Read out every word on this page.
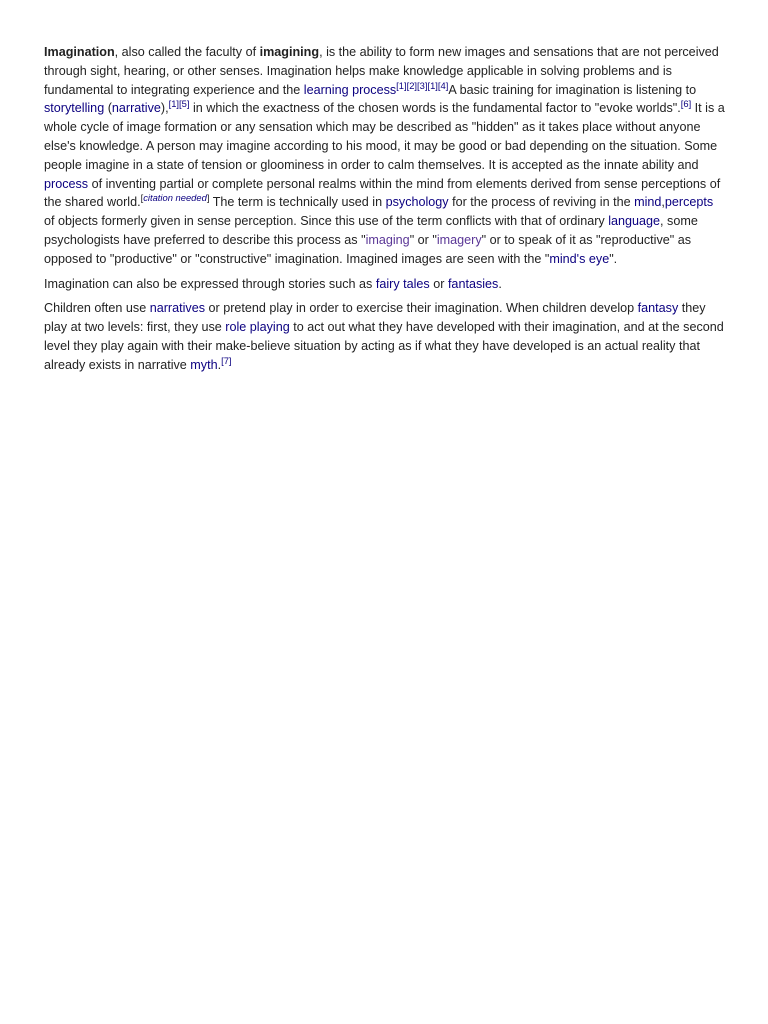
Imagination, also called the faculty of imagining, is the ability to form new images and sensations that are not perceived through sight, hearing, or other senses. Imagination helps make knowledge applicable in solving problems and is fundamental to integrating experience and the learning process[1][2][3][1][4]A basic training for imagination is listening to storytelling (narrative),[1][5] in which the exactness of the chosen words is the fundamental factor to "evoke worlds".[6] It is a whole cycle of image formation or any sensation which may be described as "hidden" as it takes place without anyone else's knowledge. A person may imagine according to his mood, it may be good or bad depending on the situation. Some people imagine in a state of tension or gloominess in order to calm themselves. It is accepted as the innate ability and process of inventing partial or complete personal realms within the mind from elements derived from sense perceptions of the shared world.[citation needed] The term is technically used in psychology for the process of reviving in the mind,percepts of objects formerly given in sense perception. Since this use of the term conflicts with that of ordinary language, some psychologists have preferred to describe this process as "imaging" or "imagery" or to speak of it as "reproductive" as opposed to "productive" or "constructive" imagination. Imagined images are seen with the "mind's eye".

Imagination can also be expressed through stories such as fairy tales or fantasies.

Children often use narratives or pretend play in order to exercise their imagination. When children develop fantasy they play at two levels: first, they use role playing to act out what they have developed with their imagination, and at the second level they play again with their make-believe situation by acting as if what they have developed is an actual reality that already exists in narrative myth.[7]
